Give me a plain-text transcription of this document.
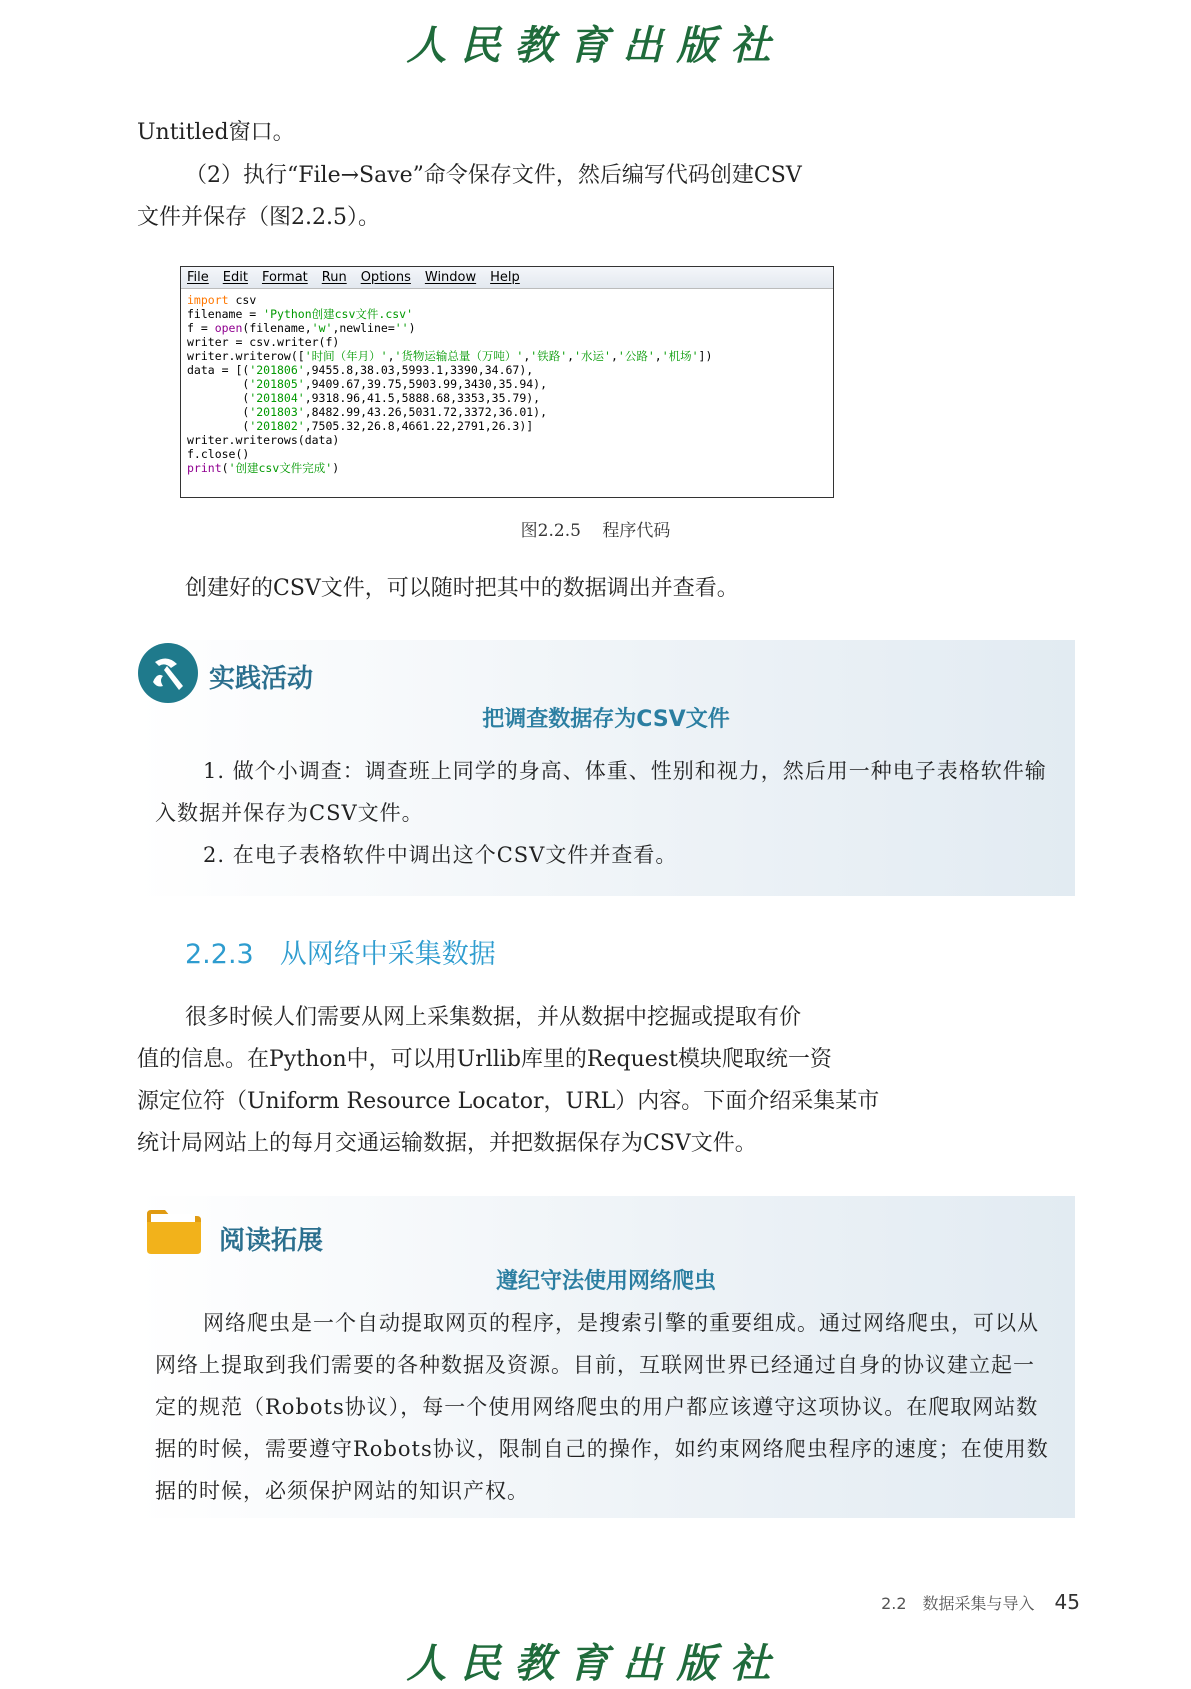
人民教育出版社
Untitled窗口。
（2）执行“File→Save”命令保存文件，然后编写代码创建CSV
文件并保存（图2.2.5）。
File Edit Format Run Options Window Help
import csv
filename = 'Python创建csv文件.csv'
f = open(filename,'w',newline='')
writer = csv.writer(f)
writer.writerow(['时间（年月）','货物运输总量（万吨）','铁路','水运','公路','机场'])
data = [('201806',9455.8,38.03,5993.1,3390,34.67),
('201805',9409.67,39.75,5903.99,3430,35.94),
('201804',9318.96,41.5,5888.68,3353,35.79),
('201803',8482.99,43.26,5031.72,3372,36.01),
('201802',7505.32,26.8,4661.22,2791,26.3)]
writer.writerows(data)
f.close()
print('创建csv文件完成')
图2.2.5 程序代码
创建好的CSV文件，可以随时把其中的数据调出并查看。
实践活动
把调查数据存为CSV文件

1. 做个小调查：调查班上同学的身高、体重、性别和视力，然后用一种电子表格软件输入数据并保存为CSV文件。

2. 在电子表格软件中调出这个CSV文件并查看。

2.2.3 从网络中采集数据
很多时候人们需要从网上采集数据，并从数据中挖掘或提取有价
值的信息。在Python中，可以用Urllib库里的Request模块爬取统一资
源定位符（Uniform Resource Locator，URL）内容。下面介绍采集某市
统计局网站上的每月交通运输数据，并把数据保存为CSV文件。
阅读拓展
遵纪守法使用网络爬虫

网络爬虫是一个自动提取网页的程序，是搜索引擎的重要组成。通过网络爬虫，可以从网络上提取到我们需要的各种数据及资源。目前，互联网世界已经通过自身的协议建立起一定的规范（Robots协议），每一个使用网络爬虫的用户都应该遵守这项协议。在爬取网站数据的时候，需要遵守Robots协议，限制自己的操作，如约束网络爬虫程序的速度；在使用数据的时候，必须保护网站的知识产权。

2.2　数据采集与导入 45
人民教育出版社
